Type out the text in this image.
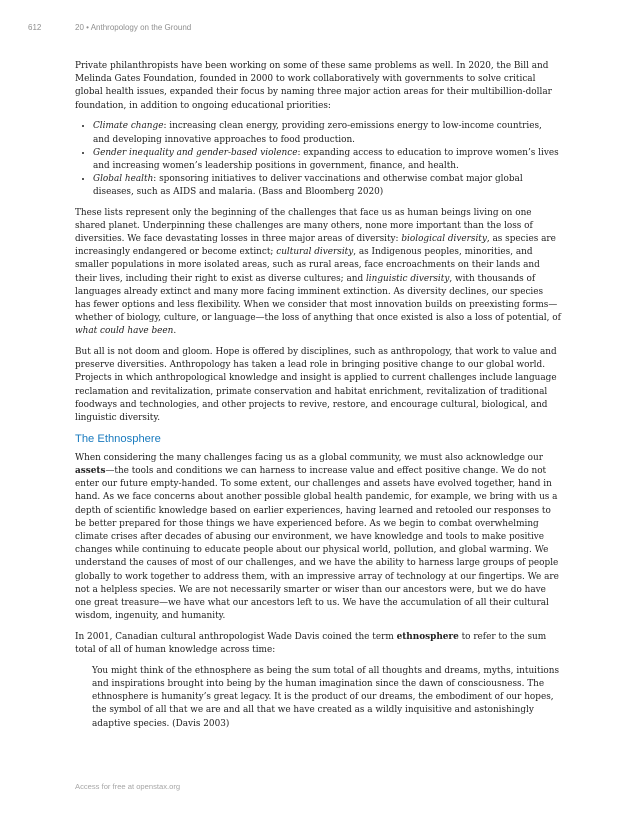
612	20 • Anthropology on the Ground

Private philanthropists have been working on some of these same problems as well. In 2020, the Bill and Melinda Gates Foundation, founded in 2000 to work collaboratively with governments to solve critical global health issues, expanded their focus by naming three major action areas for their multibillion-dollar foundation, in addition to ongoing educational priorities:

• Climate change: increasing clean energy, providing zero-emissions energy to low-income countries, and developing innovative approaches to food production.
• Gender inequality and gender-based violence: expanding access to education to improve women’s lives and increasing women’s leadership positions in government, finance, and health.
• Global health: sponsoring initiatives to deliver vaccinations and otherwise combat major global diseases, such as AIDS and malaria. (Bass and Bloomberg 2020)

These lists represent only the beginning of the challenges that face us as human beings living on one shared planet. Underpinning these challenges are many others, none more important than the loss of diversities. We face devastating losses in three major areas of diversity: biological diversity, as species are increasingly endangered or become extinct; cultural diversity, as Indigenous peoples, minorities, and smaller populations in more isolated areas, such as rural areas, face encroachments on their lands and their lives, including their right to exist as diverse cultures; and linguistic diversity, with thousands of languages already extinct and many more facing imminent extinction. As diversity declines, our species has fewer options and less flexibility. When we consider that most innovation builds on preexisting forms—whether of biology, culture, or language—the loss of anything that once existed is also a loss of potential, of what could have been.

But all is not doom and gloom. Hope is offered by disciplines, such as anthropology, that work to value and preserve diversities. Anthropology has taken a lead role in bringing positive change to our global world. Projects in which anthropological knowledge and insight is applied to current challenges include language reclamation and revitalization, primate conservation and habitat enrichment, revitalization of traditional foodways and technologies, and other projects to revive, restore, and encourage cultural, biological, and linguistic diversity.

The Ethnosphere

When considering the many challenges facing us as a global community, we must also acknowledge our assets—the tools and conditions we can harness to increase value and effect positive change. We do not enter our future empty-handed. To some extent, our challenges and assets have evolved together, hand in hand. As we face concerns about another possible global health pandemic, for example, we bring with us a depth of scientific knowledge based on earlier experiences, having learned and retooled our responses to be better prepared for those things we have experienced before. As we begin to combat overwhelming climate crises after decades of abusing our environment, we have knowledge and tools to make positive changes while continuing to educate people about our physical world, pollution, and global warming. We understand the causes of most of our challenges, and we have the ability to harness large groups of people globally to work together to address them, with an impressive array of technology at our fingertips. We are not a helpless species. We are not necessarily smarter or wiser than our ancestors were, but we do have one great treasure—we have what our ancestors left to us. We have the accumulation of all their cultural wisdom, ingenuity, and humanity.

In 2001, Canadian cultural anthropologist Wade Davis coined the term ethnosphere to refer to the sum total of all of human knowledge across time:

You might think of the ethnosphere as being the sum total of all thoughts and dreams, myths, intuitions and inspirations brought into being by the human imagination since the dawn of consciousness. The ethnosphere is humanity’s great legacy. It is the product of our dreams, the embodiment of our hopes, the symbol of all that we are and all that we have created as a wildly inquisitive and astonishingly adaptive species. (Davis 2003)

Access for free at openstax.org
